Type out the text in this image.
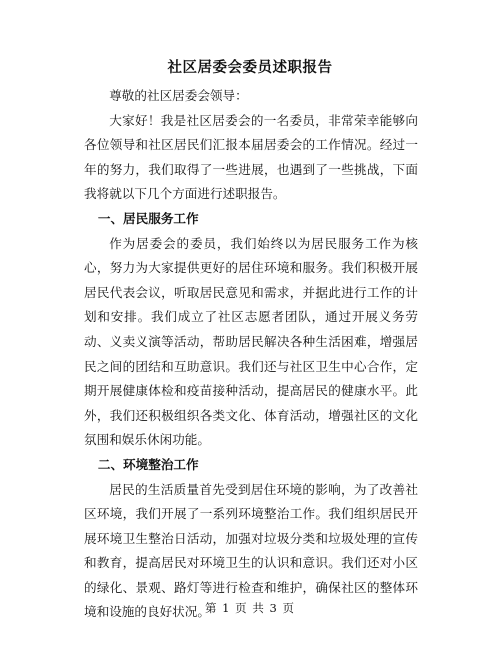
社区居委会委员述职报告

尊敬的社区居委会领导：

大家好！我是社区居委会的一名委员，非常荣幸能够向各位领导和社区居民们汇报本届居委会的工作情况。经过一年的努力，我们取得了一些进展，也遇到了一些挑战，下面我将就以下几个方面进行述职报告。

一、居民服务工作

作为居委会的委员，我们始终以为居民服务工作为核心，努力为大家提供更好的居住环境和服务。我们积极开展居民代表会议，听取居民意见和需求，并据此进行工作的计划和安排。我们成立了社区志愿者团队，通过开展义务劳动、义卖义演等活动，帮助居民解决各种生活困难，增强居民之间的团结和互助意识。我们还与社区卫生中心合作，定期开展健康体检和疫苗接种活动，提高居民的健康水平。此外，我们还积极组织各类文化、体育活动，增强社区的文化氛围和娱乐休闲功能。

二、环境整治工作

居民的生活质量首先受到居住环境的影响，为了改善社区环境，我们开展了一系列环境整治工作。我们组织居民开展环境卫生整治日活动，加强对垃圾分类和垃圾处理的宣传和教育，提高居民对环境卫生的认识和意识。我们还对小区的绿化、景观、路灯等进行检查和维护，确保社区的整体环境和设施的良好状况。

第 1 页 共 3 页
